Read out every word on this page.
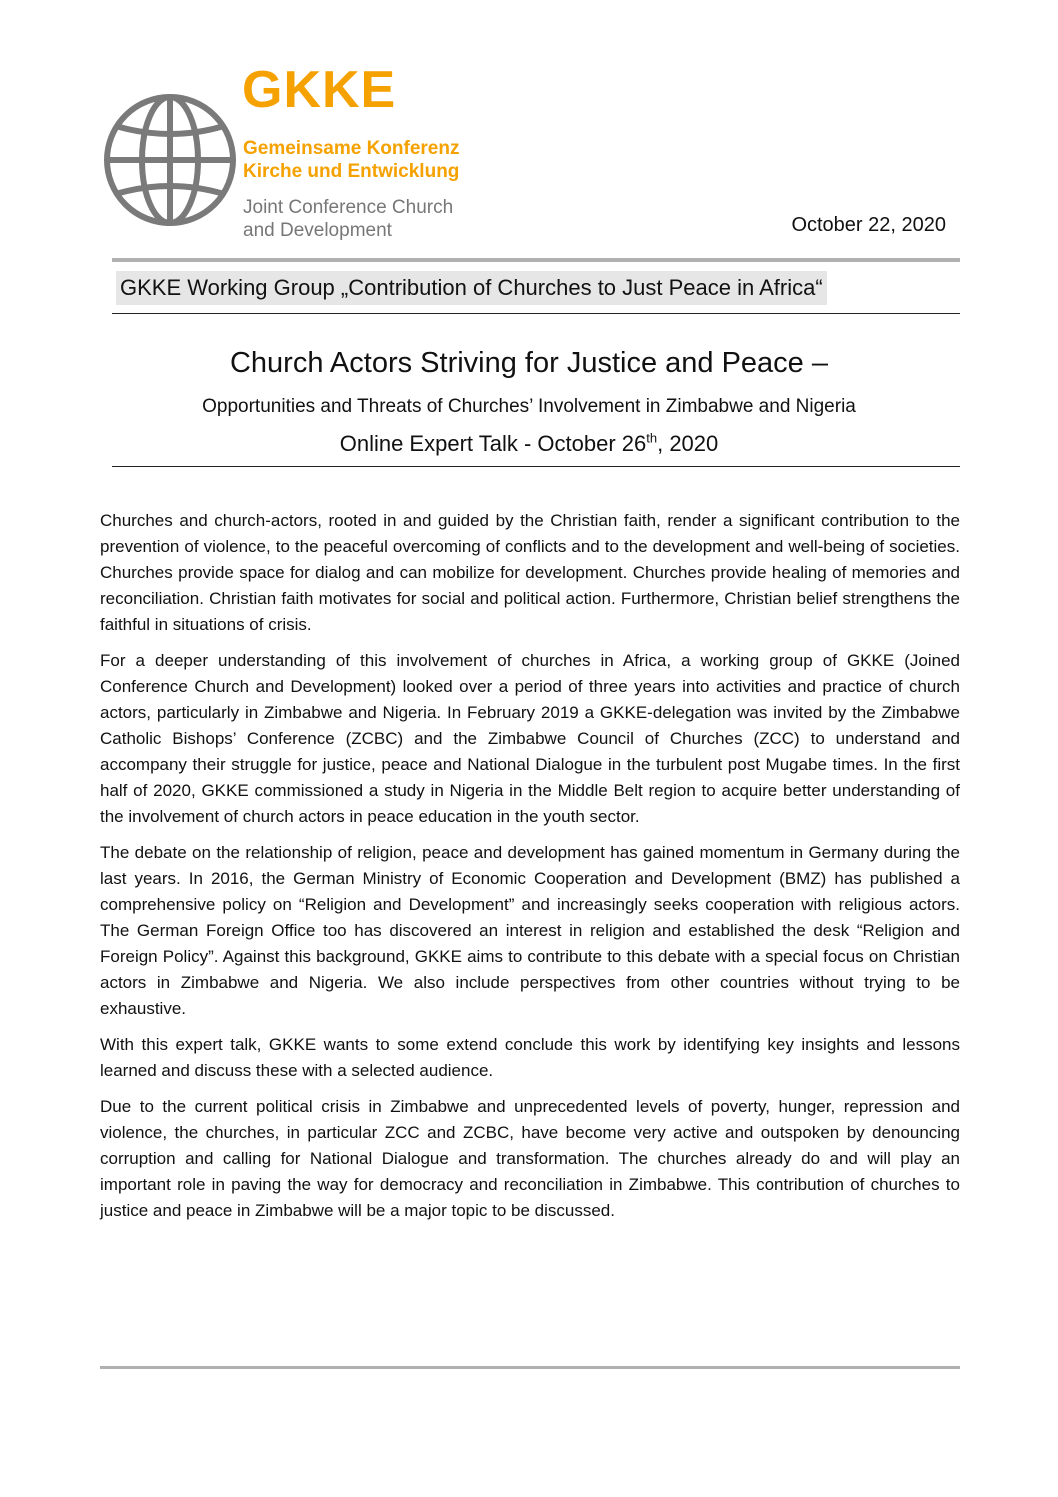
GKKE
Gemeinsame Konferenz
Kirche und Entwicklung
Joint Conference Church
and Development	October 22, 2020
GKKE Working Group „Contribution of Churches to Just Peace in Africa“
Church Actors Striving for Justice and Peace –
Opportunities and Threats of Churches’ Involvement in Zimbabwe and Nigeria
Online Expert Talk - October 26th, 2020

Churches and church-actors, rooted in and guided by the Christian faith, render a significant contribution to the prevention of violence, to the peaceful overcoming of conflicts and to the development and well-being of societies. Churches provide space for dialog and can mobilize for development. Churches provide healing of memories and reconciliation. Christian faith motivates for social and political action. Furthermore, Christian belief strengthens the faithful in situations of crisis.

For a deeper understanding of this involvement of churches in Africa, a working group of GKKE (Joined Conference Church and Development) looked over a period of three years into activities and practice of church actors, particularly in Zimbabwe and Nigeria. In February 2019 a GKKE-delegation was invited by the Zimbabwe Catholic Bishops’ Conference (ZCBC) and the Zimbabwe Council of Churches (ZCC) to understand and accompany their struggle for justice, peace and National Dialogue in the turbulent post Mugabe times. In the first half of 2020, GKKE commissioned a study in Nigeria in the Middle Belt region to acquire better understanding of the involvement of church actors in peace education in the youth sector.

The debate on the relationship of religion, peace and development has gained momentum in Germany during the last years. In 2016, the German Ministry of Economic Cooperation and Development (BMZ) has published a comprehensive policy on “Religion and Development” and increasingly seeks cooperation with religious actors. The German Foreign Office too has discovered an interest in religion and established the desk “Religion and Foreign Policy”. Against this background, GKKE aims to contribute to this debate with a special focus on Christian actors in Zimbabwe and Nigeria. We also include perspectives from other countries without trying to be exhaustive.

With this expert talk, GKKE wants to some extend conclude this work by identifying key insights and lessons learned and discuss these with a selected audience.

Due to the current political crisis in Zimbabwe and unprecedented levels of poverty, hunger, repression and violence, the churches, in particular ZCC and ZCBC, have become very active and outspoken by denouncing corruption and calling for National Dialogue and transformation. The churches already do and will play an important role in paving the way for democracy and reconciliation in Zimbabwe. This contribution of churches to justice and peace in Zimbabwe will be a major topic to be discussed.
